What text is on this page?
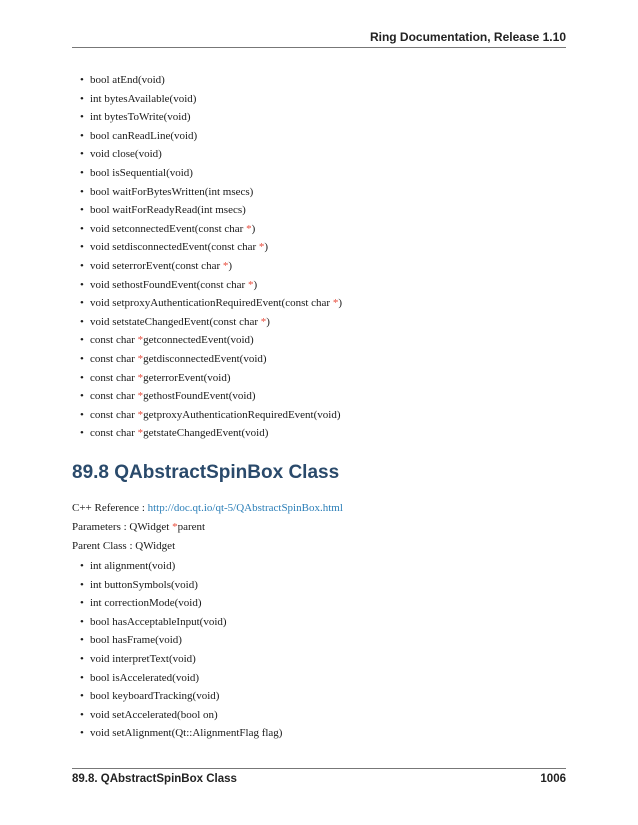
Ring Documentation, Release 1.10
• bool atEnd(void)
• int bytesAvailable(void)
• int bytesToWrite(void)
• bool canReadLine(void)
• void close(void)
• bool isSequential(void)
• bool waitForBytesWritten(int msecs)
• bool waitForReadyRead(int msecs)
• void setconnectedEvent(const char *)
• void setdisconnectedEvent(const char *)
• void seterrorEvent(const char *)
• void sethostFoundEvent(const char *)
• void setproxyAuthenticationRequiredEvent(const char *)
• void setstateChangedEvent(const char *)
• const char *getconnectedEvent(void)
• const char *getdisconnectedEvent(void)
• const char *geterrorEvent(void)
• const char *gethostFoundEvent(void)
• const char *getproxyAuthenticationRequiredEvent(void)
• const char *getstateChangedEvent(void)
89.8 QAbstractSpinBox Class
C++ Reference : http://doc.qt.io/qt-5/QAbstractSpinBox.html
Parameters : QWidget *parent
Parent Class : QWidget
• int alignment(void)
• int buttonSymbols(void)
• int correctionMode(void)
• bool hasAcceptableInput(void)
• bool hasFrame(void)
• void interpretText(void)
• bool isAccelerated(void)
• bool keyboardTracking(void)
• void setAccelerated(bool on)
• void setAlignment(Qt::AlignmentFlag flag)
89.8. QAbstractSpinBox Class	1006
